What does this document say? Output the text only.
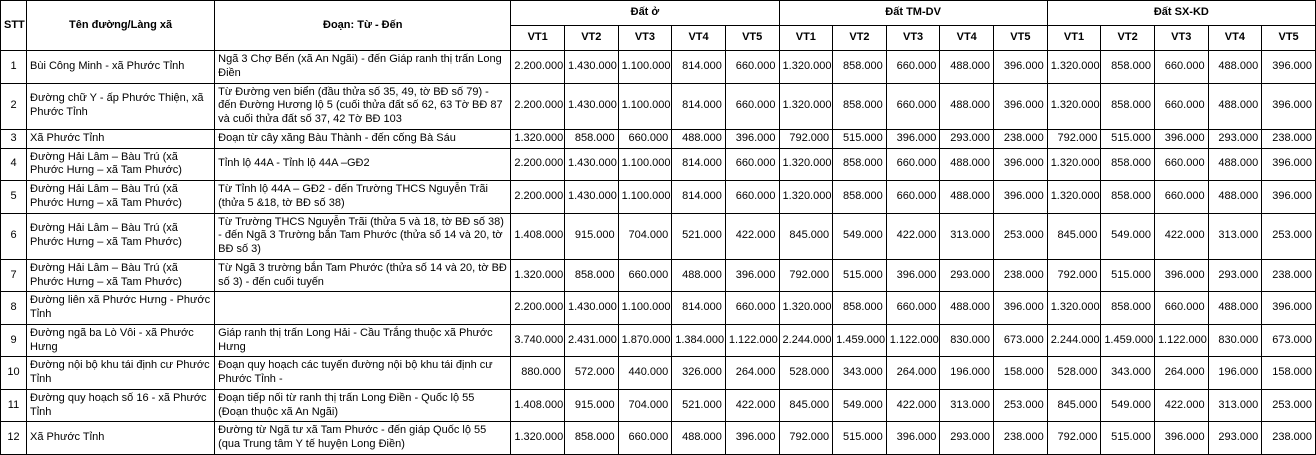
STT	Tên đường/Làng xã	Đoạn: Từ - Đến	Đất ở					Đất TM-DV					Đất SX-KD				
			VT1	VT2	VT3	VT4	VT5	VT1	VT2	VT3	VT4	VT5	VT1	VT2	VT3	VT4	VT5
1	Bùi Công Minh - xã Phước Tỉnh	Ngã 3 Chợ Bến (xã An Ngãi) - đến Giáp ranh thị trấn Long Điền	2.200.000	1.430.000	1.100.000	814.000	660.000	1.320.000	858.000	660.000	488.000	396.000	1.320.000	858.000	660.000	488.000	396.000
2	Đường chữ Y - ấp Phước Thiện, xã Phước Tỉnh	Từ Đường ven biển (đầu thửa số 35, 49, tờ BĐ số 79) - đến Đường Hương lộ 5 (cuối thửa đất số 62, 63 Tờ BĐ 87 và cuối thửa đất số 37, 42 Tờ BĐ 103	2.200.000	1.430.000	1.100.000	814.000	660.000	1.320.000	858.000	660.000	488.000	396.000	1.320.000	858.000	660.000	488.000	396.000
3	Xã Phước Tỉnh	Đoạn từ cây xăng Bàu Thành - đến cống Bà Sáu	1.320.000	858.000	660.000	488.000	396.000	792.000	515.000	396.000	293.000	238.000	792.000	515.000	396.000	293.000	238.000
4	Đường Hải Lâm – Bàu Trú (xã Phước Hưng – xã Tam Phước)	Tỉnh lộ 44A - Tỉnh lộ 44A –GĐ2	2.200.000	1.430.000	1.100.000	814.000	660.000	1.320.000	858.000	660.000	488.000	396.000	1.320.000	858.000	660.000	488.000	396.000
5	Đường Hải Lâm – Bàu Trú (xã Phước Hưng – xã Tam Phước)	Từ Tỉnh lộ 44A – GĐ2 - đến Trường THCS Nguyễn Trãi (thửa 5 &18, tờ BĐ số 38)	2.200.000	1.430.000	1.100.000	814.000	660.000	1.320.000	858.000	660.000	488.000	396.000	1.320.000	858.000	660.000	488.000	396.000
6	Đường Hải Lâm – Bàu Trú (xã Phước Hưng – xã Tam Phước)	Từ Trường THCS Nguyễn Trãi (thửa 5 và 18, tờ BĐ số 38) - đến Ngã 3 Trường bắn Tam Phước (thửa số 14 và 20, tờ BĐ số 3)	1.408.000	915.000	704.000	521.000	422.000	845.000	549.000	422.000	313.000	253.000	845.000	549.000	422.000	313.000	253.000
7	Đường Hải Lâm – Bàu Trú (xã Phước Hưng – xã Tam Phước)	Từ Ngã 3 trường bắn Tam Phước (thửa số 14 và 20, tờ BĐ số 3) - đến cuối tuyến	1.320.000	858.000	660.000	488.000	396.000	792.000	515.000	396.000	293.000	238.000	792.000	515.000	396.000	293.000	238.000
8	Đường liên xã Phước Hưng - Phước Tỉnh		2.200.000	1.430.000	1.100.000	814.000	660.000	1.320.000	858.000	660.000	488.000	396.000	1.320.000	858.000	660.000	488.000	396.000
9	Đường ngã ba Lò Vôi - xã Phước Hưng	Giáp ranh thị trấn Long Hải - Cầu Trắng thuộc xã Phước Hưng	3.740.000	2.431.000	1.870.000	1.384.000	1.122.000	2.244.000	1.459.000	1.122.000	830.000	673.000	2.244.000	1.459.000	1.122.000	830.000	673.000
10	Đường nội bộ khu tái định cư Phước Tỉnh	Đoạn quy hoạch các tuyến đường nội bộ khu tái định cư Phước Tỉnh -	880.000	572.000	440.000	326.000	264.000	528.000	343.000	264.000	196.000	158.000	528.000	343.000	264.000	196.000	158.000
11	Đường quy hoạch số 16 - xã Phước Tỉnh	Đoạn tiếp nối từ ranh thị trấn Long Điền - Quốc lộ 55 (Đoạn thuộc xã An Ngãi)	1.408.000	915.000	704.000	521.000	422.000	845.000	549.000	422.000	313.000	253.000	845.000	549.000	422.000	313.000	253.000
12	Xã Phước Tỉnh	Đường từ Ngã tư xã Tam Phước - đến giáp Quốc lộ 55 (qua Trung tâm Y tế huyện Long Điền)	1.320.000	858.000	660.000	488.000	396.000	792.000	515.000	396.000	293.000	238.000	792.000	515.000	396.000	293.000	238.000
